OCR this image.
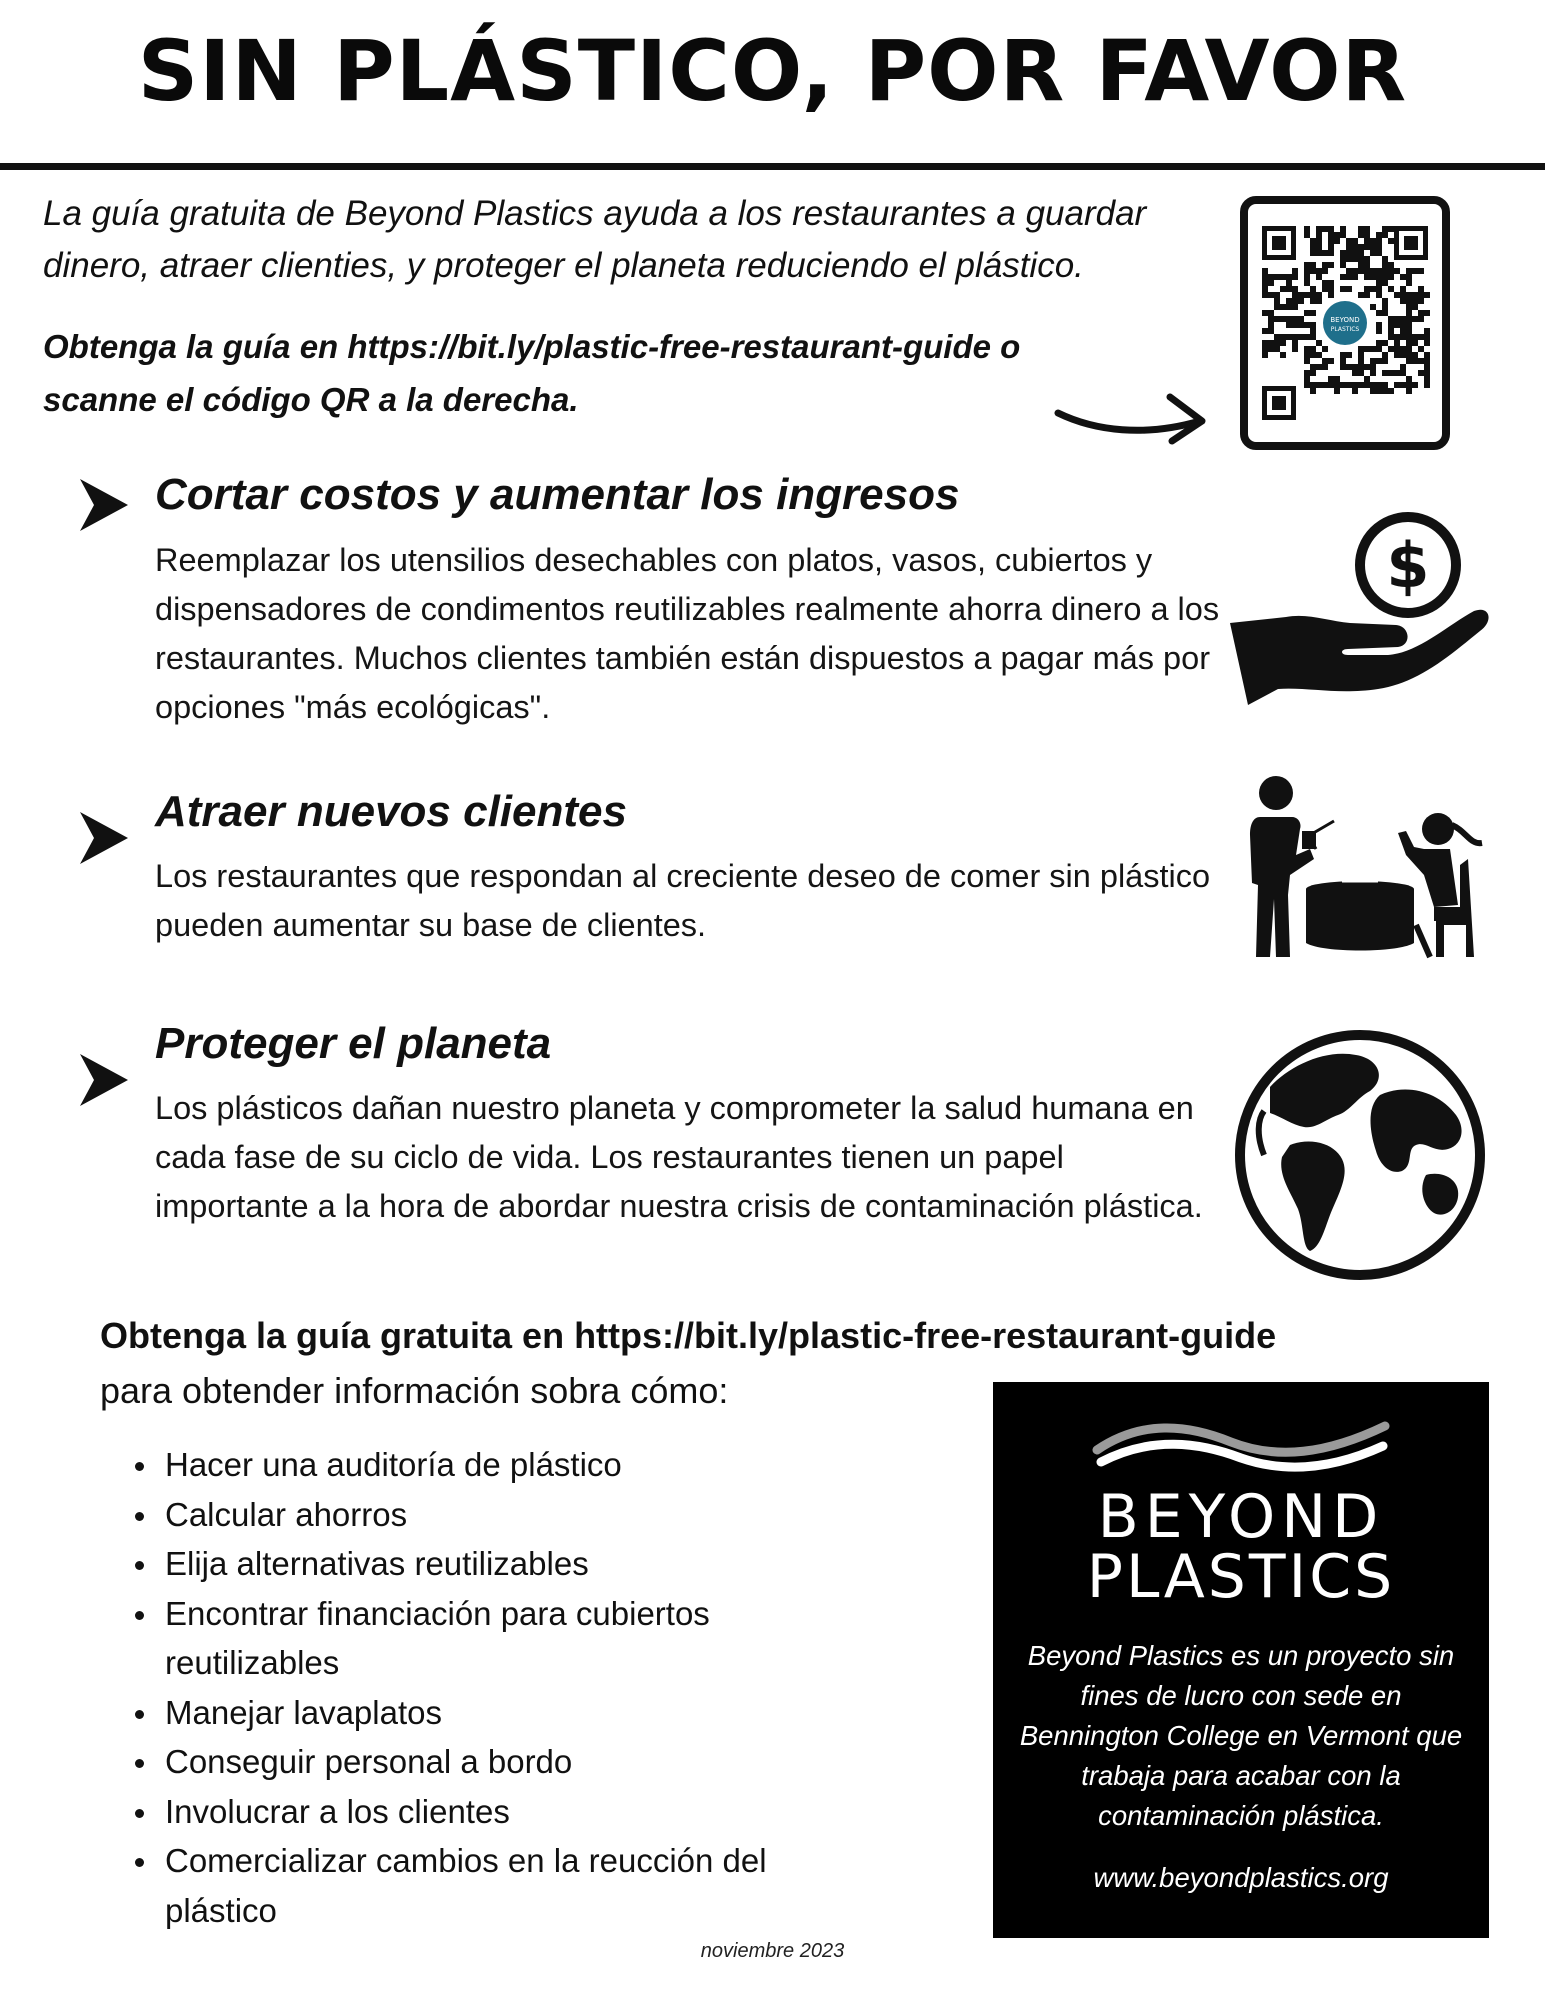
SIN PLÁSTICO, POR FAVOR
La guía gratuita de Beyond Plastics ayuda a los restaurantes a guardar dinero, atraer clienties, y proteger el planeta reduciendo el plástico.
Obtenga la guía en https://bit.ly/plastic-free-restaurant-guide o scanne el código QR a la derecha.
BEYOND
PLASTICS
Cortar costos y aumentar los ingresos
Reemplazar los utensilios desechables con platos, vasos, cubiertos y dispensadores de condimentos reutilizables realmente ahorra dinero a los restaurantes. Muchos clientes también están dispuestos a pagar más por opciones "más ecológicas".
$
Atraer nuevos clientes
Los restaurantes que respondan al creciente deseo de comer sin plástico pueden aumentar su base de clientes.
Proteger el planeta
Los plásticos dañan nuestro planeta y comprometer la salud humana en cada fase de su ciclo de vida. Los restaurantes tienen un papel importante a la hora de abordar nuestra crisis de contaminación plástica.
Obtenga la guía gratuita en https://bit.ly/plastic-free-restaurant-guide
para obtender información sobra cómo:
Hacer una auditoría de plástico
Calcular ahorros
Elija alternativas reutilizables
Encontrar financiación para cubiertos reutilizables
Manejar lavaplatos
Conseguir personal a bordo
Involucrar a los clientes
Comercializar cambios en la reucción del plástico
BEYOND
PLASTICS
Beyond Plastics es un proyecto sin fines de lucro con sede en Bennington College en Vermont que trabaja para acabar con la contaminación plástica.
www.beyondplastics.org
noviembre 2023
